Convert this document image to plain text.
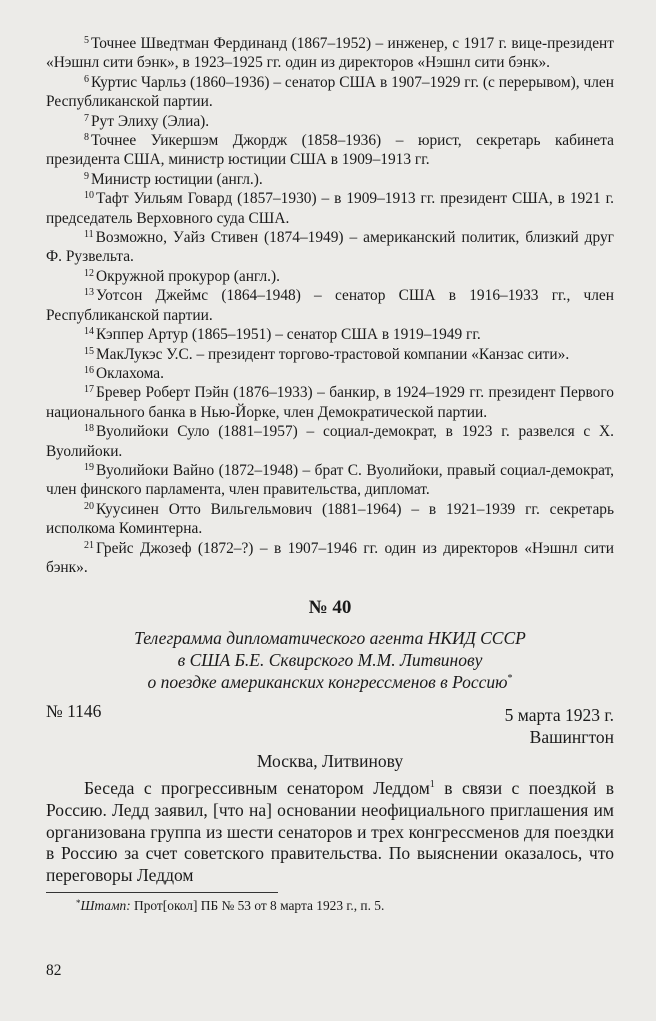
$^5$ Точнее Шведтман Фердинанд (1867–1952) – инженер, с 1917 г. вице-президент «Нэшнл сити бэнк», в 1923–1925 гг. один из директоров «Нэшнл сити бэнк».

$^6$ Куртис Чарльз (1860–1936) – сенатор США в 1907–1929 гг. (с перерывом), член Республиканской партии.

$^7$ Рут Элиху (Элиа).

$^8$ Точнее Уикершэм Джордж (1858–1936) – юрист, секретарь кабинета президента США, министр юстиции США в 1909–1913 гг.

$^9$ Министр юстиции (англ.).

$^{10}$ Тафт Уильям Говард (1857–1930) – в 1909–1913 гг. президент США, в 1921 г. председатель Верховного суда США.

$^{11}$ Возможно, Уайз Стивен (1874–1949) – американский политик, близкий друг Ф. Рузвельта.

$^{12}$ Окружной прокурор (англ.).

$^{13}$ Уотсон Джеймс (1864–1948) – сенатор США в 1916–1933 гг., член Республиканской партии.

$^{14}$ Кэппер Артур (1865–1951) – сенатор США в 1919–1949 гг.

$^{15}$ МакЛукэс У.С. – президент торгово-трастовой компании «Канзас сити».

$^{16}$ Оклахома.

$^{17}$ Бревер Роберт Пэйн (1876–1933) – банкир, в 1924–1929 гг. президент Первого национального банка в Нью-Йорке, член Демократической партии.

$^{18}$ Вуолийоки Суло (1881–1957) – социал-демократ, в 1923 г. развелся с Х. Вуолийоки.

$^{19}$ Вуолийоки Вайно (1872–1948) – брат С. Вуолийоки, правый социал-демократ, член финского парламента, член правительства, дипломат.

$^{20}$ Куусинен Отто Вильгельмович (1881–1964) – в 1921–1939 гг. секретарь исполкома Коминтерна.

$^{21}$ Грейс Джозеф (1872–?) – в 1907–1946 гг. один из директоров «Нэшнл сити бэнк».

№ 40
Телеграмма дипломатического агента НКИД СССР
в США Б.Е. Сквирского М.М. Литвинову
о поездке американских конгрессменов в Россию*
№ 1146	5 марта 1923 г.
Вашингтон
Москва, Литвинову

Беседа с прогрессивным сенатором Леддом$^1$ в связи с поездкой в Россию. Ледд заявил, [что на] основании неофициального приглашения им организована группа из шести сенаторов и трех конгрессменов для поездки в Россию за счет советского правительства. По выяснении оказалось, что переговоры Леддом

*Штамп: Прот[окол] ПБ № 53 от 8 марта 1923 г., п. 5.

82
